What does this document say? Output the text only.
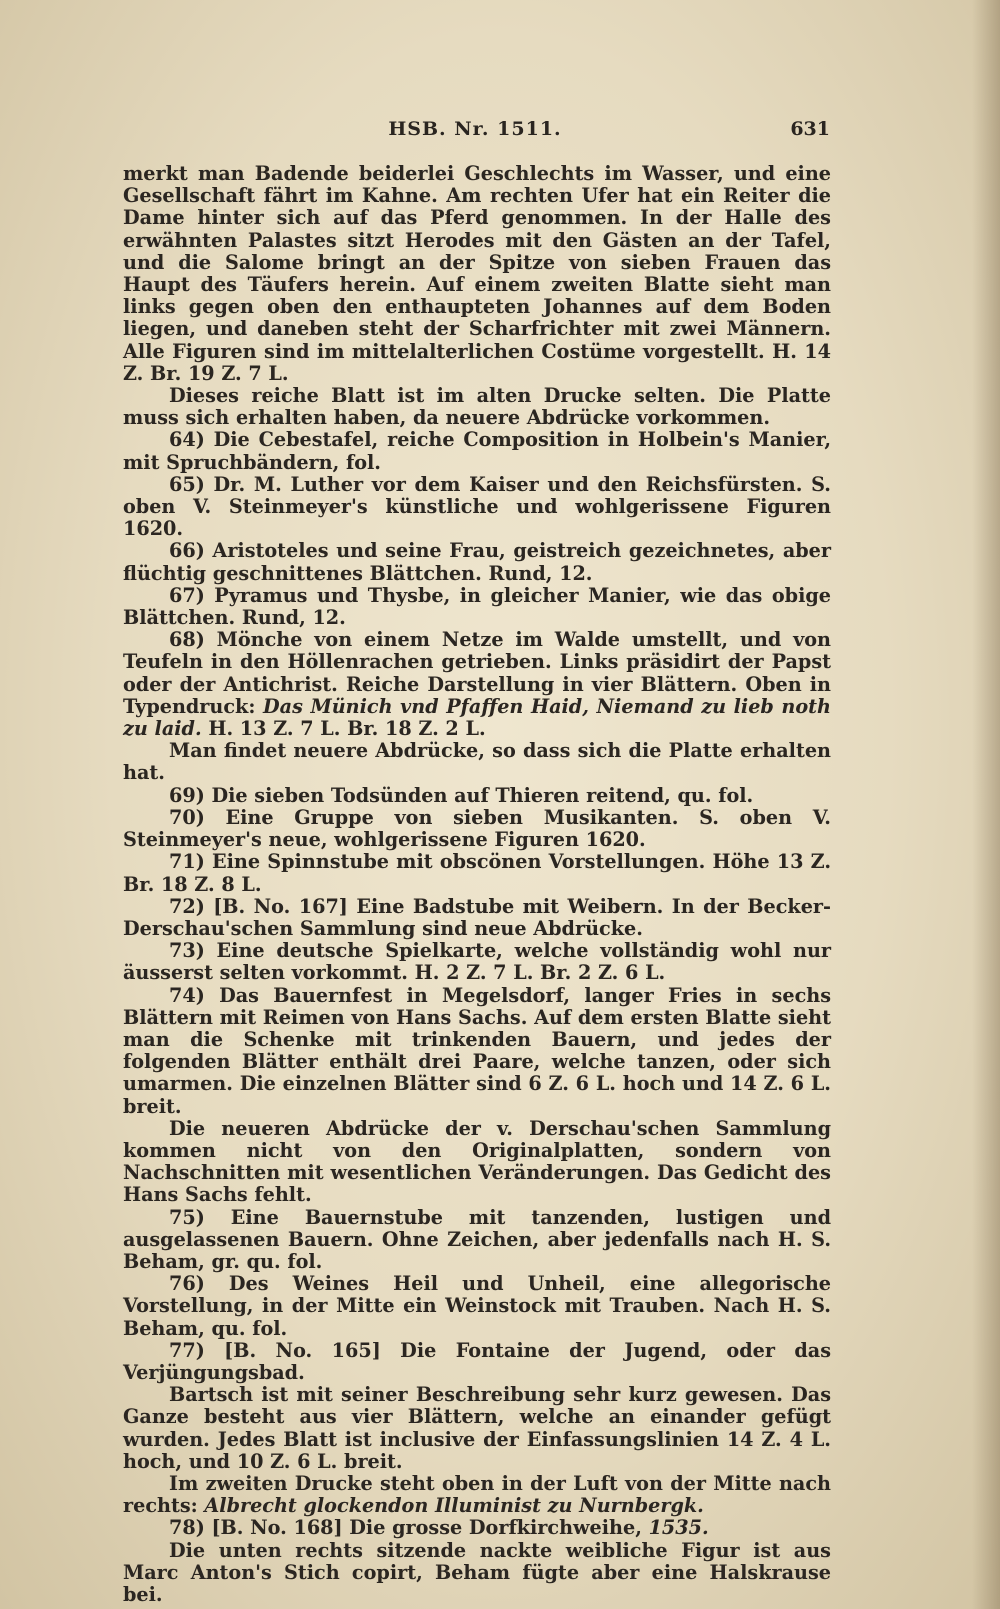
HSB. Nr. 1511.	631

merkt man Badende beiderlei Geschlechts im Wasser, und eine Gesellschaft fährt im Kahne. Am rechten Ufer hat ein Reiter die Dame hinter sich auf das Pferd genommen. In der Halle des erwähnten Palastes sitzt Herodes mit den Gästen an der Tafel, und die Salome bringt an der Spitze von sieben Frauen das Haupt des Täufers herein. Auf einem zweiten Blatte sieht man links gegen oben den enthaupteten Johannes auf dem Boden liegen, und daneben steht der Scharfrichter mit zwei Männern. Alle Figuren sind im mittelalterlichen Costüme vorgestellt. H. 14 Z. Br. 19 Z. 7 L.

Dieses reiche Blatt ist im alten Drucke selten. Die Platte muss sich erhalten haben, da neuere Abdrücke vorkommen.

64) Die Cebestafel, reiche Composition in Holbein's Manier, mit Spruchbändern, fol.

65) Dr. M. Luther vor dem Kaiser und den Reichsfürsten. S. oben V. Steinmeyer's künstliche und wohlgerissene Figuren 1620.

66) Aristoteles und seine Frau, geistreich gezeichnetes, aber flüchtig geschnittenes Blättchen. Rund, 12.

67) Pyramus und Thysbe, in gleicher Manier, wie das obige Blättchen. Rund, 12.

68) Mönche von einem Netze im Walde umstellt, und von Teufeln in den Höllenrachen getrieben. Links präsidirt der Papst oder der Antichrist. Reiche Darstellung in vier Blättern. Oben in Typendruck: Das Münich vnd Pfaffen Haid, Niemand zu lieb noth zu laid. H. 13 Z. 7 L. Br. 18 Z. 2 L.

Man findet neuere Abdrücke, so dass sich die Platte erhalten hat.

69) Die sieben Todsünden auf Thieren reitend, qu. fol.

70) Eine Gruppe von sieben Musikanten. S. oben V. Steinmeyer's neue, wohlgerissene Figuren 1620.

71) Eine Spinnstube mit obscönen Vorstellungen. Höhe 13 Z. Br. 18 Z. 8 L.

72) [B. No. 167] Eine Badstube mit Weibern. In der Becker-Derschau'schen Sammlung sind neue Abdrücke.

73) Eine deutsche Spielkarte, welche vollständig wohl nur äusserst selten vorkommt. H. 2 Z. 7 L. Br. 2 Z. 6 L.

74) Das Bauernfest in Megelsdorf, langer Fries in sechs Blättern mit Reimen von Hans Sachs. Auf dem ersten Blatte sieht man die Schenke mit trinkenden Bauern, und jedes der folgenden Blätter enthält drei Paare, welche tanzen, oder sich umarmen. Die einzelnen Blätter sind 6 Z. 6 L. hoch und 14 Z. 6 L. breit.

Die neueren Abdrücke der v. Derschau'schen Sammlung kommen nicht von den Originalplatten, sondern von Nachschnitten mit wesentlichen Veränderungen. Das Gedicht des Hans Sachs fehlt.

75) Eine Bauernstube mit tanzenden, lustigen und ausgelassenen Bauern. Ohne Zeichen, aber jedenfalls nach H. S. Beham, gr. qu. fol.

76) Des Weines Heil und Unheil, eine allegorische Vorstellung, in der Mitte ein Weinstock mit Trauben. Nach H. S. Beham, qu. fol.

77) [B. No. 165] Die Fontaine der Jugend, oder das Verjüngungsbad.

Bartsch ist mit seiner Beschreibung sehr kurz gewesen. Das Ganze besteht aus vier Blättern, welche an einander gefügt wurden. Jedes Blatt ist inclusive der Einfassungslinien 14 Z. 4 L. hoch, und 10 Z. 6 L. breit.

Im zweiten Drucke steht oben in der Luft von der Mitte nach rechts: Albrecht glockendon Illuminist zu Nurnbergk.

78) [B. No. 168] Die grosse Dorfkirchweihe, 1535.

Die unten rechts sitzende nackte weibliche Figur ist aus Marc Anton's Stich copirt, Beham fügte aber eine Halskrause bei.
